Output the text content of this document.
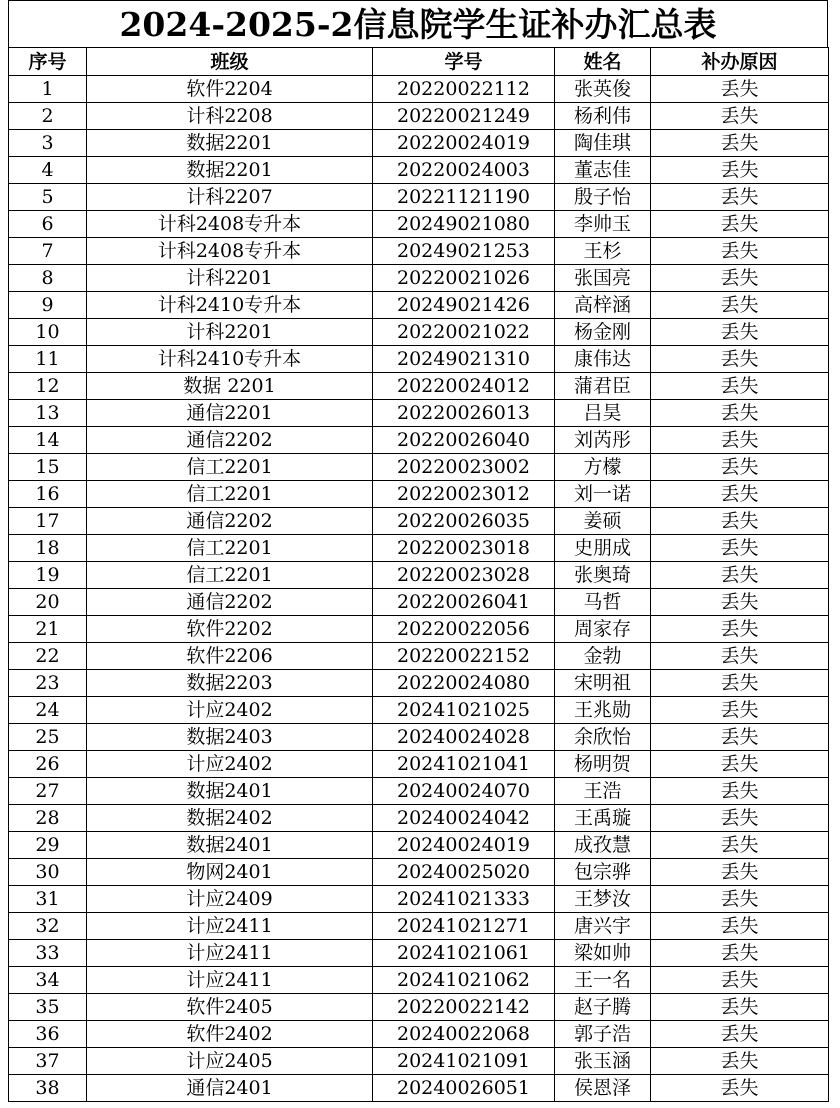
2024-2025-2信息院学生证补办汇总表
序号	班级	学号	姓名	补办原因
1	软件2204	20220022112	张英俊	丢失
2	计科2208	20220021249	杨利伟	丢失
3	数据2201	20220024019	陶佳琪	丢失
4	数据2201	20220024003	董志佳	丢失
5	计科2207	20221121190	殷子怡	丢失
6	计科2408专升本	20249021080	李帅玉	丢失
7	计科2408专升本	20249021253	王杉	丢失
8	计科2201	20220021026	张国亮	丢失
9	计科2410专升本	20249021426	高梓涵	丢失
10	计科2201	20220021022	杨金刚	丢失
11	计科2410专升本	20249021310	康伟达	丢失
12	数据 2201	20220024012	蒲君臣	丢失
13	通信2201	20220026013	吕昊	丢失
14	通信2202	20220026040	刘芮彤	丢失
15	信工2201	20220023002	方檬	丢失
16	信工2201	20220023012	刘一诺	丢失
17	通信2202	20220026035	姜硕	丢失
18	信工2201	20220023018	史朋成	丢失
19	信工2201	20220023028	张奥琦	丢失
20	通信2202	20220026041	马哲	丢失
21	软件2202	20220022056	周家存	丢失
22	软件2206	20220022152	金勃	丢失
23	数据2203	20220024080	宋明祖	丢失
24	计应2402	20241021025	王兆勋	丢失
25	数据2403	20240024028	余欣怡	丢失
26	计应2402	20241021041	杨明贺	丢失
27	数据2401	20240024070	王浩	丢失
28	数据2402	20240024042	王禹璇	丢失
29	数据2401	20240024019	成孜慧	丢失
30	物网2401	20240025020	包宗骅	丢失
31	计应2409	20241021333	王梦汝	丢失
32	计应2411	20241021271	唐兴宇	丢失
33	计应2411	20241021061	梁如帅	丢失
34	计应2411	20241021062	王一名	丢失
35	软件2405	20220022142	赵子腾	丢失
36	软件2402	20240022068	郭子浩	丢失
37	计应2405	20241021091	张玉涵	丢失
38	通信2401	20240026051	侯恩泽	丢失
